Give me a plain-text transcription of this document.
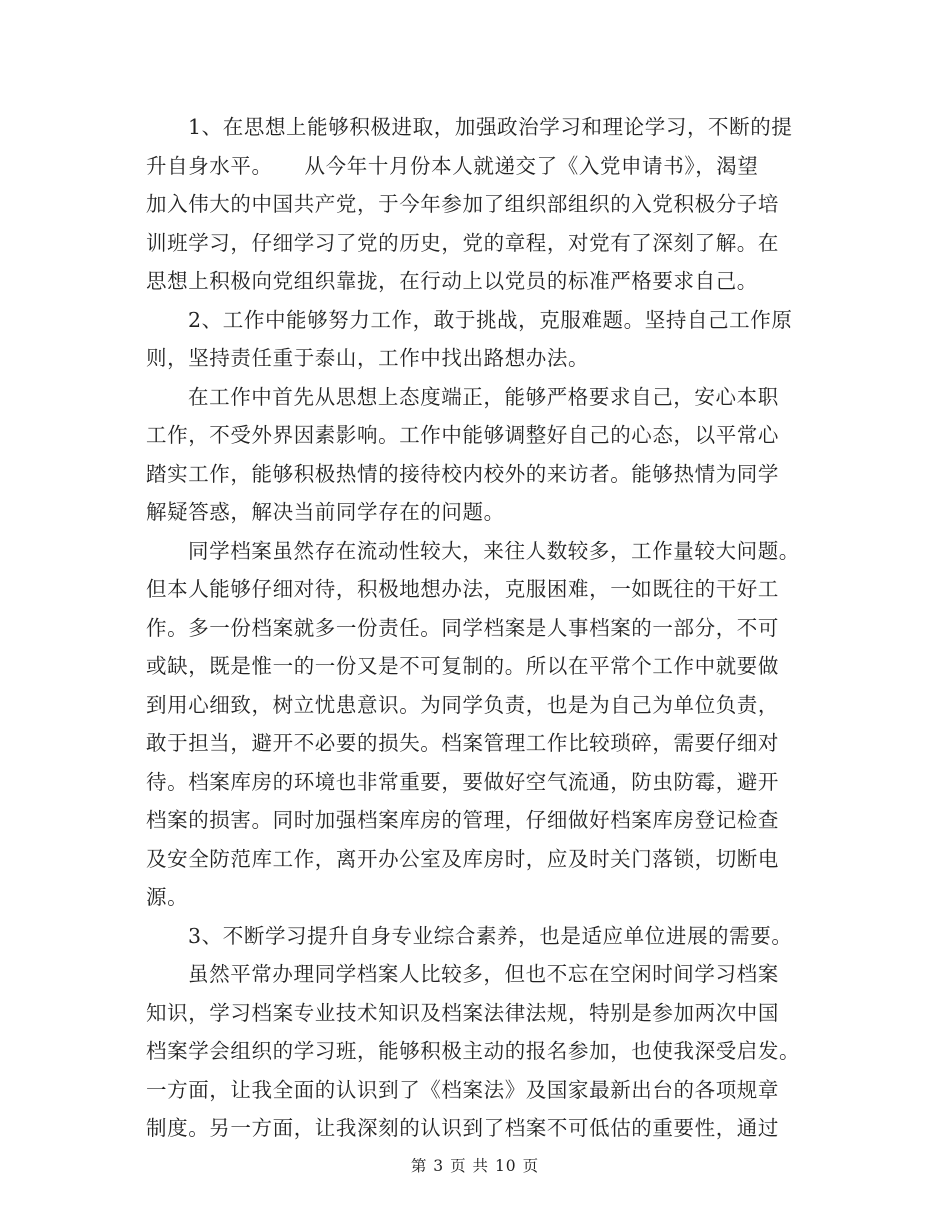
1、在思想上能够积极进取，加强政治学习和理论学习，不断的提
升自身水平。　　从今年十月份本人就递交了《入党申请书》，渴望
加入伟大的中国共产党，于今年参加了组织部组织的入党积极分子培
训班学习，仔细学习了党的历史，党的章程，对党有了深刻了解。在
思想上积极向党组织靠拢，在行动上以党员的标准严格要求自己。
2、工作中能够努力工作，敢于挑战，克服难题。坚持自己工作原
则，坚持责任重于泰山，工作中找出路想办法。
在工作中首先从思想上态度端正，能够严格要求自己，安心本职
工作，不受外界因素影响。工作中能够调整好自己的心态，以平常心
踏实工作，能够积极热情的接待校内校外的来访者。能够热情为同学
解疑答惑，解决当前同学存在的问题。
同学档案虽然存在流动性较大，来往人数较多，工作量较大问题。
但本人能够仔细对待，积极地想办法，克服困难，一如既往的干好工
作。多一份档案就多一份责任。同学档案是人事档案的一部分，不可
或缺，既是惟一的一份又是不可复制的。所以在平常个工作中就要做
到用心细致，树立忧患意识。为同学负责，也是为自己为单位负责，
敢于担当，避开不必要的损失。档案管理工作比较琐碎，需要仔细对
待。档案库房的环境也非常重要，要做好空气流通，防虫防霉，避开
档案的损害。同时加强档案库房的管理，仔细做好档案库房登记检查
及安全防范库工作，离开办公室及库房时，应及时关门落锁，切断电
源。
3、不断学习提升自身专业综合素养，也是适应单位进展的需要。
虽然平常办理同学档案人比较多，但也不忘在空闲时间学习档案
知识，学习档案专业技术知识及档案法律法规，特别是参加两次中国
档案学会组织的学习班，能够积极主动的报名参加，也使我深受启发。
一方面，让我全面的认识到了《档案法》及国家最新出台的各项规章
制度。另一方面，让我深刻的认识到了档案不可低估的重要性，通过
第 3 页 共 10 页
